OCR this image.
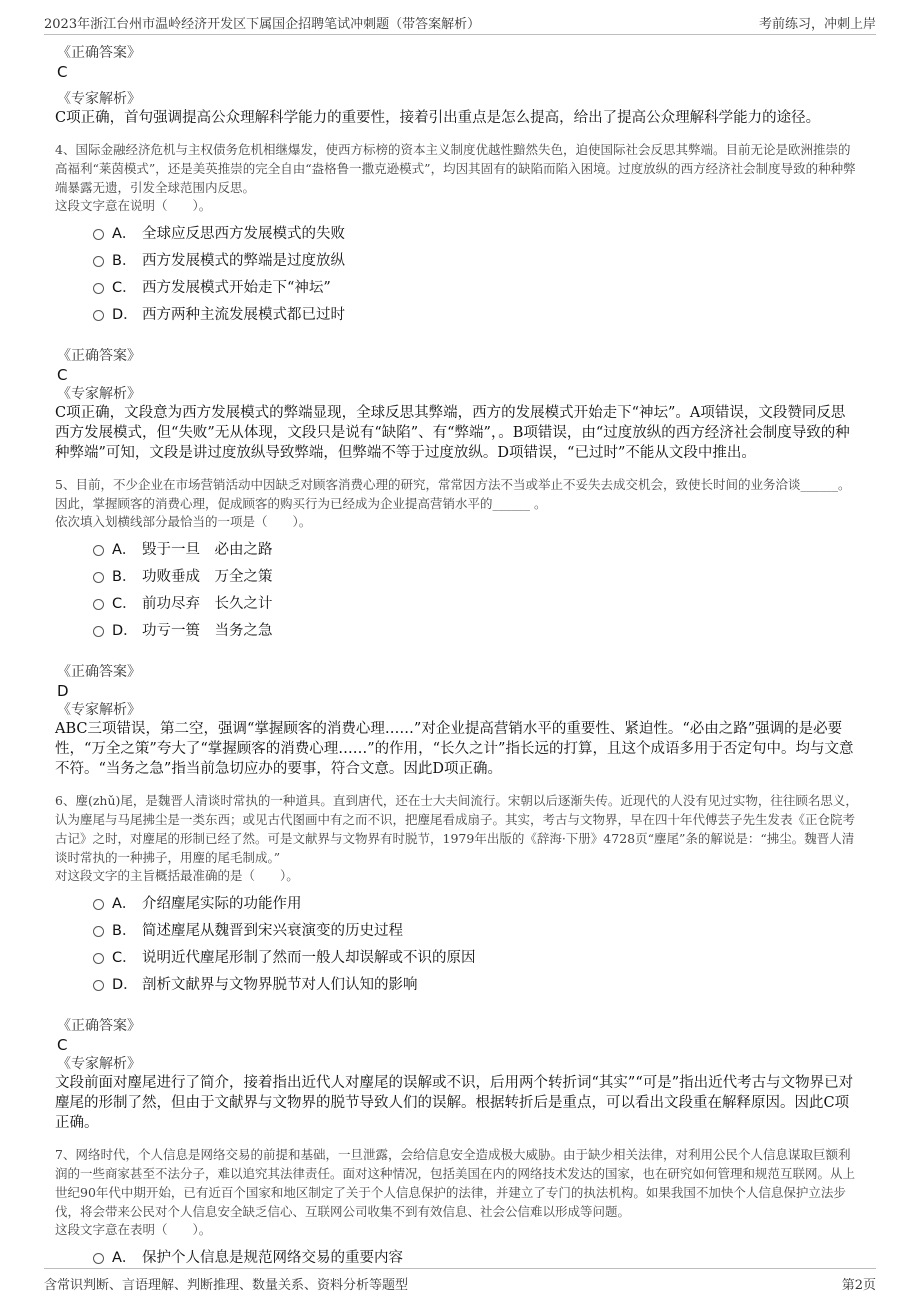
2023年浙江台州市温岭经济开发区下属国企招聘笔试冲刺题（带答案解析）	考前练习，冲刺上岸
《正确答案》
C
《专家解析》
C项正确，首句强调提高公众理解科学能力的重要性，接着引出重点是怎么提高，给出了提高公众理解科学能力的途径。
4、国际金融经济危机与主权债务危机相继爆发，使西方标榜的资本主义制度优越性黯然失色，迫使国际社会反思其弊端。目前无论是欧洲推崇的高福利“莱茵模式”，还是美英推崇的完全自由“盎格鲁一撒克逊模式”，均因其固有的缺陷而陷入困境。过度放纵的西方经济社会制度导致的种种弊端暴露无遗，引发全球范围内反思。
这段文字意在说明（　　）。
A． 全球应反思西方发展模式的失败
B． 西方发展模式的弊端是过度放纵
C． 西方发展模式开始走下“神坛”
D． 西方两种主流发展模式都已过时
《正确答案》
C
《专家解析》
C项正确，文段意为西方发展模式的弊端显现，全球反思其弊端，西方的发展模式开始走下“神坛”。A项错误，文段赞同反思西方发展模式，但“失败”无从体现，文段只是说有“缺陷”、有“弊端”，。B项错误，由“过度放纵的西方经济社会制度导致的种种弊端”可知，文段是讲过度放纵导致弊端，但弊端不等于过度放纵。D项错误，“已过时”不能从文段中推出。
5、目前，不少企业在市场营销活动中因缺乏对顾客消费心理的研究，常常因方法不当或举止不妥失去成交机会，致使长时间的业务洽谈______。因此，掌握顾客的消费心理，促成顾客的购买行为已经成为企业提高营销水平的______ 。
依次填入划横线部分最恰当的一项是（　　）。
A． 毁于一旦　必由之路
B． 功败垂成　万全之策
C． 前功尽弃　长久之计
D． 功亏一篑　当务之急
《正确答案》
D
《专家解析》
ABC三项错误，第二空，强调“掌握顾客的消费心理……”对企业提高营销水平的重要性、紧迫性。“必由之路”强调的是必要性，“万全之策”夸大了“掌握顾客的消费心理……”的作用，“长久之计”指长远的打算，且这个成语多用于否定句中。均与文意不符。“当务之急”指当前急切应办的要事，符合文意。因此D项正确。
6、麈(zhǔ)尾，是魏晋人清谈时常执的一种道具。直到唐代，还在士大夫间流行。宋朝以后逐渐失传。近现代的人没有见过实物，往往顾名思义，认为麈尾与马尾拂尘是一类东西；或见古代图画中有之而不识，把麈尾看成扇子。其实，考古与文物界，早在四十年代傅芸子先生发表《正仓院考古记》之时，对麈尾的形制已经了然。可是文献界与文物界有时脱节，1979年出版的《辞海·下册》4728页“麈尾”条的解说是：“拂尘。魏晋人清谈时常执的一种拂子，用麈的尾毛制成。”
对这段文字的主旨概括最准确的是（　　）。
A． 介绍麈尾实际的功能作用
B． 简述麈尾从魏晋到宋兴衰演变的历史过程
C． 说明近代麈尾形制了然而一般人却误解或不识的原因
D． 剖析文献界与文物界脱节对人们认知的影响
《正确答案》
C
《专家解析》
文段前面对麈尾进行了简介，接着指出近代人对麈尾的误解或不识，后用两个转折词“其实”“可是”指出近代考古与文物界已对麈尾的形制了然，但由于文献界与文物界的脱节导致人们的误解。根据转折后是重点，可以看出文段重在解释原因。因此C项正确。
7、网络时代，个人信息是网络交易的前提和基础，一旦泄露，会给信息安全造成极大威胁。由于缺少相关法律，对利用公民个人信息谋取巨额利润的一些商家甚至不法分子，难以追究其法律责任。面对这种情况，包括美国在内的网络技术发达的国家，也在研究如何管理和规范互联网。从上世纪90年代中期开始，已有近百个国家和地区制定了关于个人信息保护的法律，并建立了专门的执法机构。如果我国不加快个人信息保护立法步伐，将会带来公民对个人信息安全缺乏信心、互联网公司收集不到有效信息、社会公信难以形成等问题。
这段文字意在表明（　　）。
A． 保护个人信息是规范网络交易的重要内容
含常识判断、言语理解、判断推理、数量关系、资料分析等题型	第2页
